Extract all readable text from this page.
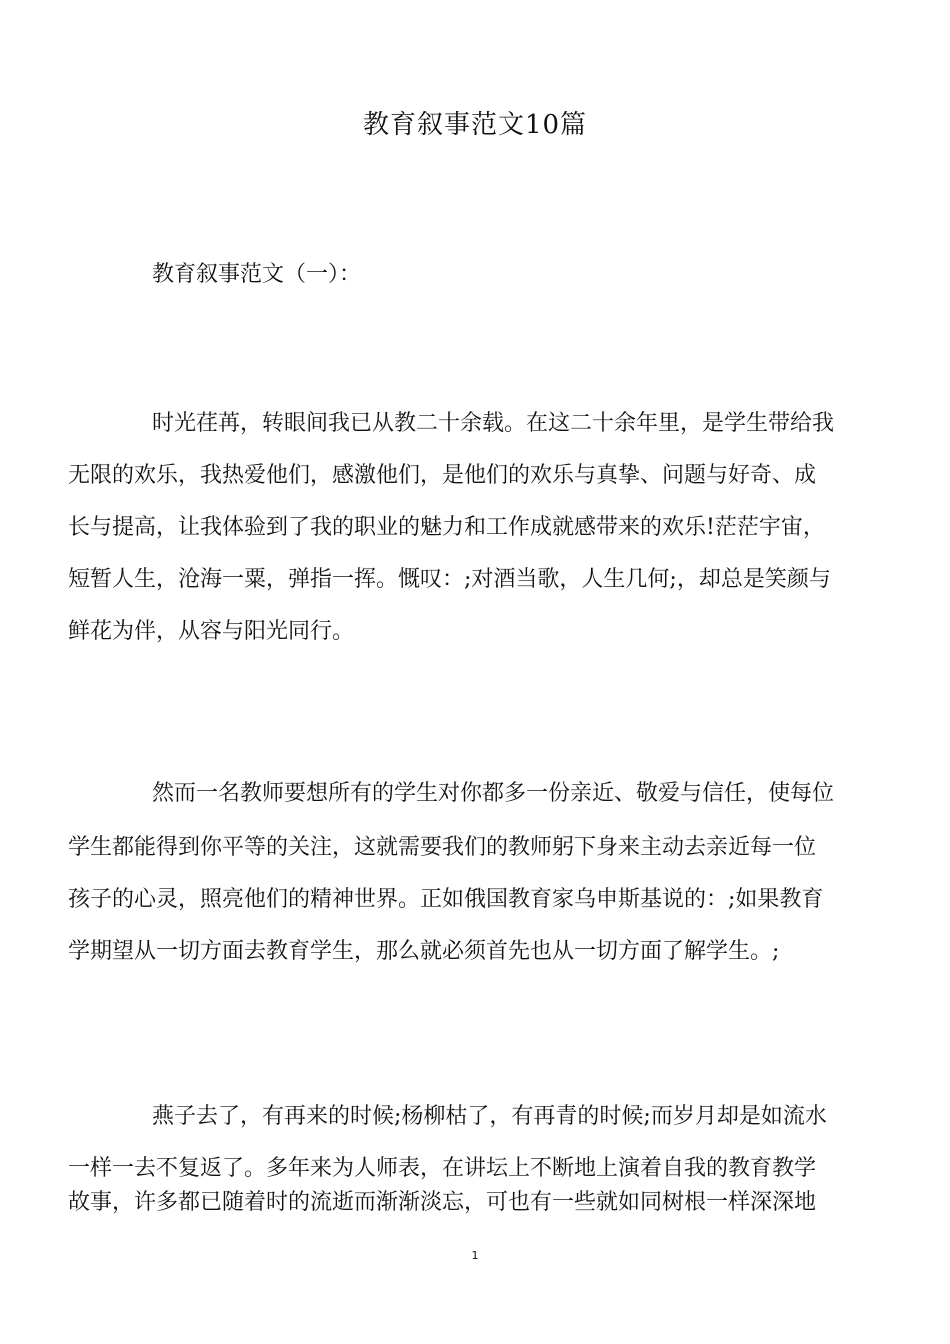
教育叙事范文10篇
教育叙事范文（一）：
时光荏苒，转眼间我已从教二十余载。在这二十余年里，是学生带给我
无限的欢乐，我热爱他们，感激他们，是他们的欢乐与真挚、问题与好奇、成
长与提高，让我体验到了我的职业的魅力和工作成就感带来的欢乐!茫茫宇宙，
短暂人生，沧海一粟，弹指一挥。慨叹：;对酒当歌，人生几何;，却总是笑颜与
鲜花为伴，从容与阳光同行。
然而一名教师要想所有的学生对你都多一份亲近、敬爱与信任，使每位
学生都能得到你平等的关注，这就需要我们的教师躬下身来主动去亲近每一位
孩子的心灵，照亮他们的精神世界。正如俄国教育家乌申斯基说的：;如果教育
学期望从一切方面去教育学生，那么就必须首先也从一切方面了解学生。;
燕子去了，有再来的时候;杨柳枯了，有再青的时候;而岁月却是如流水
一样一去不复返了。多年来为人师表，在讲坛上不断地上演着自我的教育教学
故事，许多都已随着时的流逝而渐渐淡忘，可也有一些就如同树根一样深深地
1
